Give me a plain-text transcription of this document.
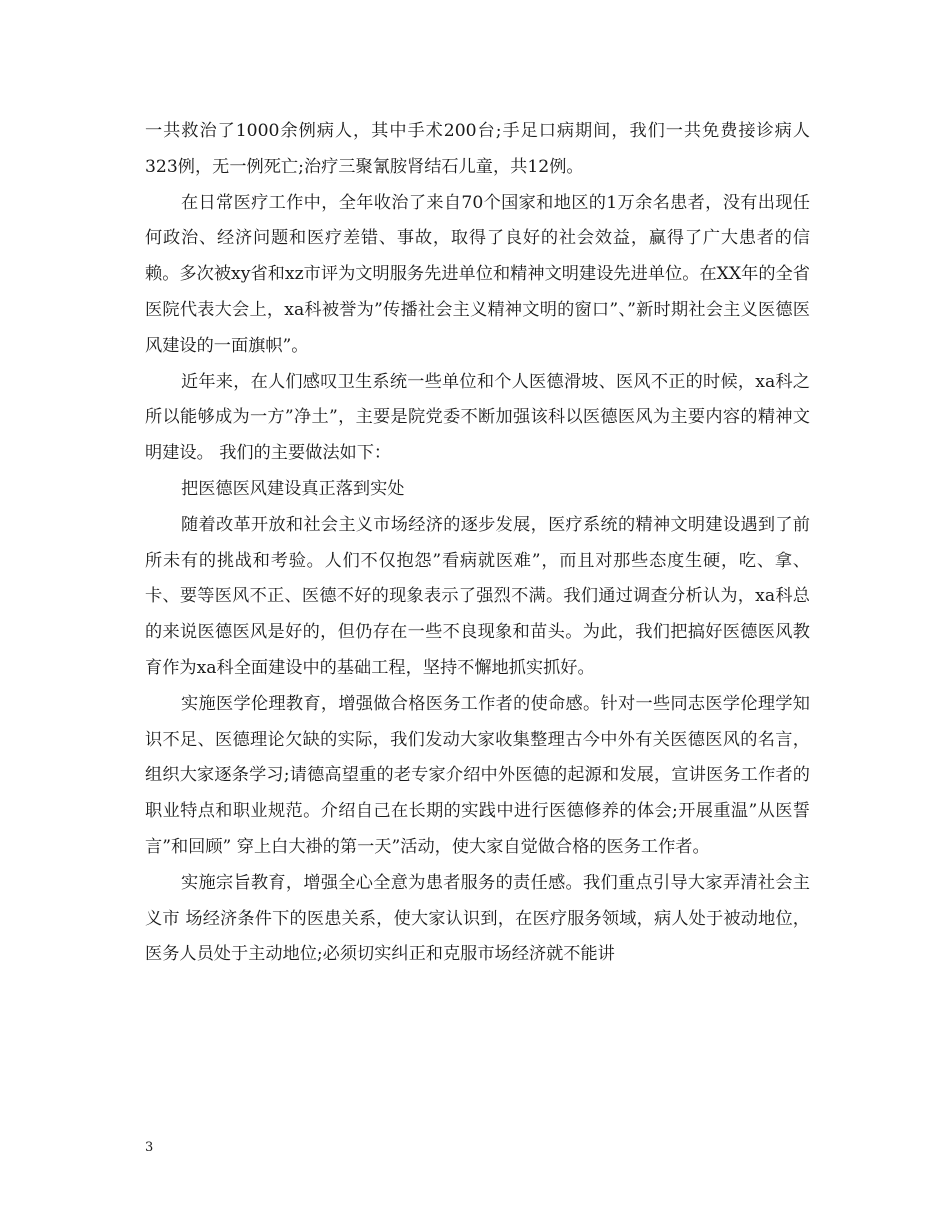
一共救治了1000余例病人，其中手术200台;手足口病期间，我们一共免费接诊病人323例，无一例死亡;治疗三聚氰胺肾结石儿童，共12例。

在日常医疗工作中，全年收治了来自70个国家和地区的1万余名患者，没有出现任何政治、经济问题和医疗差错、事故，取得了良好的社会效益，赢得了广大患者的信赖。多次被xy省和xz市评为文明服务先进单位和精神文明建设先进单位。在XX年的全省医院代表大会上，xa科被誉为”传播社会主义精神文明的窗口”、”新时期社会主义医德医风建设的一面旗帜”。

近年来，在人们感叹卫生系统一些单位和个人医德滑坡、医风不正的时候，xa科之所以能够成为一方”净土”，主要是院党委不断加强该科以医德医风为主要内容的精神文明建设。 我们的主要做法如下：

把医德医风建设真正落到实处

随着改革开放和社会主义市场经济的逐步发展，医疗系统的精神文明建设遇到了前所未有的挑战和考验。人们不仅抱怨”看病就医难”，而且对那些态度生硬，吃、拿、卡、要等医风不正、医德不好的现象表示了强烈不满。我们通过调查分析认为，xa科总的来说医德医风是好的，但仍存在一些不良现象和苗头。为此，我们把搞好医德医风教育作为xa科全面建设中的基础工程，坚持不懈地抓实抓好。

实施医学伦理教育，增强做合格医务工作者的使命感。针对一些同志医学伦理学知识不足、医德理论欠缺的实际，我们发动大家收集整理古今中外有关医德医风的名言，组织大家逐条学习;请德高望重的老专家介绍中外医德的起源和发展，宣讲医务工作者的职业特点和职业规范。介绍自己在长期的实践中进行医德修养的体会;开展重温”从医誓言”和回顾” 穿上白大褂的第一天”活动，使大家自觉做合格的医务工作者。

实施宗旨教育，增强全心全意为患者服务的责任感。我们重点引导大家弄清社会主义市 场经济条件下的医患关系，使大家认识到，在医疗服务领域，病人处于被动地位，医务人员处于主动地位;必须切实纠正和克服市场经济就不能讲

3
